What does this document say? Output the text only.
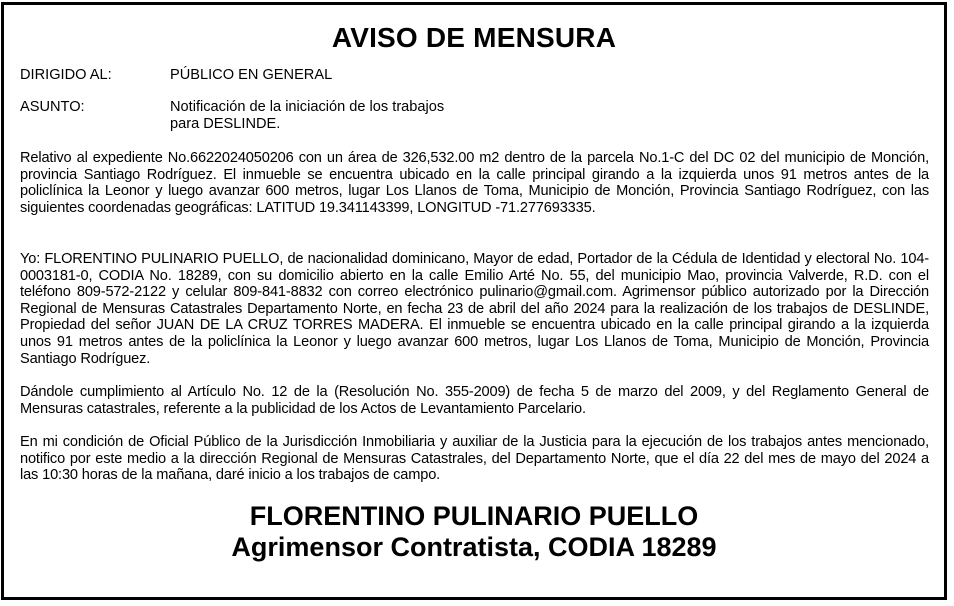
AVISO DE MENSURA
DIRIGIDO AL:	PÚBLICO EN GENERAL
ASUNTO:	Notificación de la iniciación de los trabajos para DESLINDE.

Relativo al expediente No.6622024050206 con un área de 326,532.00 m2 dentro de la parcela No.1-C del DC 02 del municipio de Monción, provincia Santiago Rodríguez. El inmueble se encuentra ubicado en la calle principal girando a la izquierda unos 91 metros antes de la policlínica la Leonor y luego avanzar 600 metros, lugar Los Llanos de Toma, Municipio de Monción, Provincia Santiago Rodríguez, con las siguientes coordenadas geográficas: LATITUD 19.341143399, LONGITUD -71.277693335.

Yo: FLORENTINO PULINARIO PUELLO, de nacionalidad dominicano, Mayor de edad, Portador de la Cédula de Identidad y electoral No. 104-0003181-0, CODIA No. 18289, con su domicilio abierto en la calle Emilio Arté No. 55, del municipio Mao, provincia Valverde, R.D. con el teléfono 809-572-2122 y celular 809-841-8832 con correo electrónico pulinario@gmail.com. Agrimensor público autorizado por la Dirección Regional de Mensuras Catastrales Departamento Norte, en fecha 23 de abril del año 2024 para la realización de los trabajos de DESLINDE, Propiedad del señor JUAN DE LA CRUZ TORRES MADERA. El inmueble se encuentra ubicado en la calle principal girando a la izquierda unos 91 metros antes de la policlínica la Leonor y luego avanzar 600 metros, lugar Los Llanos de Toma, Municipio de Monción, Provincia Santiago Rodríguez.

Dándole cumplimiento al Artículo No. 12 de la (Resolución No. 355-2009) de fecha 5 de marzo del 2009, y del Reglamento General de Mensuras catastrales, referente a la publicidad de los Actos de Levantamiento Parcelario.

En mi condición de Oficial Público de la Jurisdicción Inmobiliaria y auxiliar de la Justicia para la ejecución de los trabajos antes mencionado, notifico por este medio a la dirección Regional de Mensuras Catastrales, del Departamento Norte, que el día 22 del mes de mayo del 2024 a las 10:30 horas de la mañana, daré inicio a los trabajos de campo.

FLORENTINO PULINARIO PUELLO
Agrimensor Contratista, CODIA 18289
